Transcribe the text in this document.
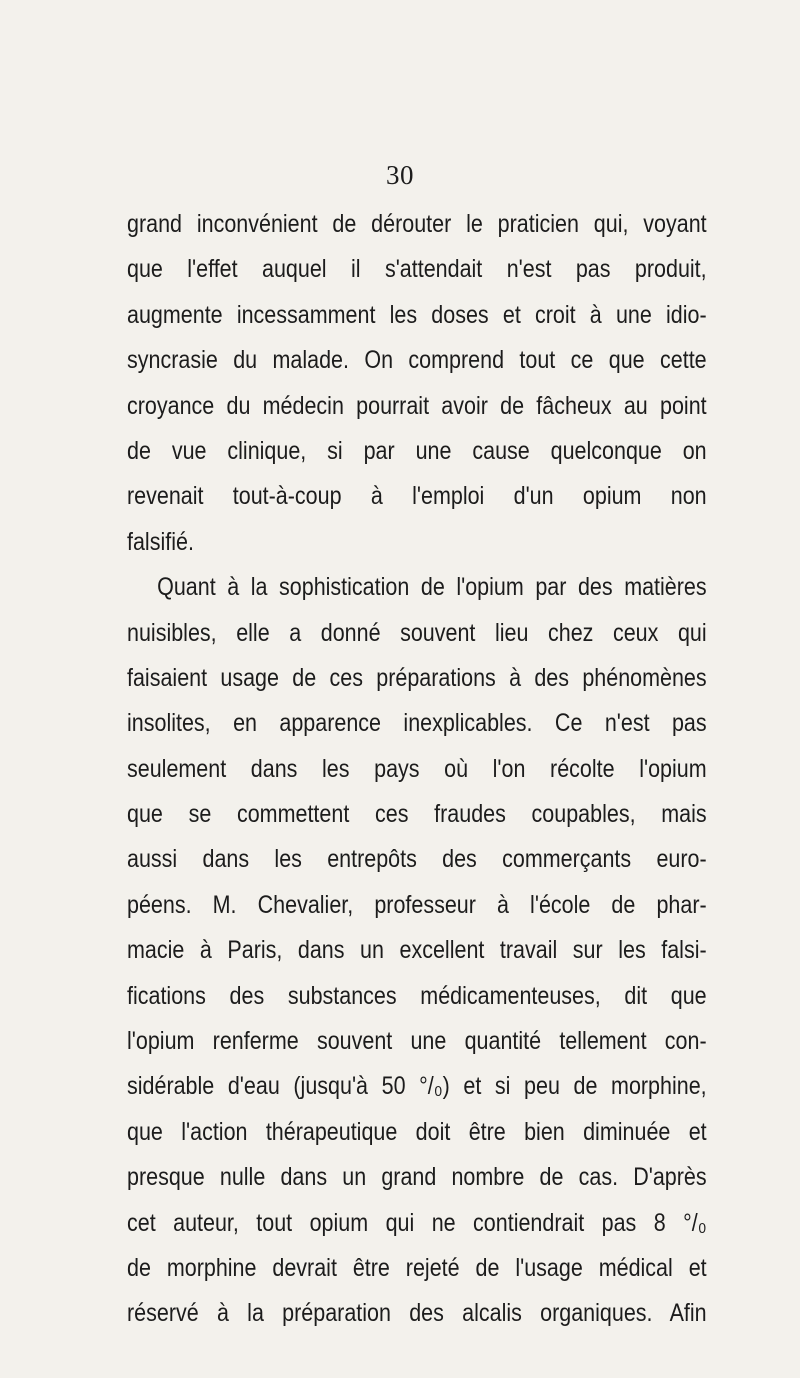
30
grand inconvénient de dérouter le praticien qui, voyant
que l'effet auquel il s'attendait n'est pas produit,
augmente incessamment les doses et croit à une idio-
syncrasie du malade. On comprend tout ce que cette
croyance du médecin pourrait avoir de fâcheux au point
de vue clinique, si par une cause quelconque on
revenait tout-à-coup à l'emploi d'un opium non
falsifié.
Quant à la sophistication de l'opium par des matières
nuisibles, elle a donné souvent lieu chez ceux qui
faisaient usage de ces préparations à des phénomènes
insolites, en apparence inexplicables. Ce n'est pas
seulement dans les pays où l'on récolte l'opium
que se commettent ces fraudes coupables, mais
aussi dans les entrepôts des commerçants euro-
péens. M. Chevalier, professeur à l'école de phar-
macie à Paris, dans un excellent travail sur les falsi-
fications des substances médicamenteuses, dit que
l'opium renferme souvent une quantité tellement con-
sidérable d'eau (jusqu'à 50 °/₀) et si peu de morphine,
que l'action thérapeutique doit être bien diminuée et
presque nulle dans un grand nombre de cas. D'après
cet auteur, tout opium qui ne contiendrait pas 8 °/₀
de morphine devrait être rejeté de l'usage médical et
réservé à la préparation des alcalis organiques. Afin
